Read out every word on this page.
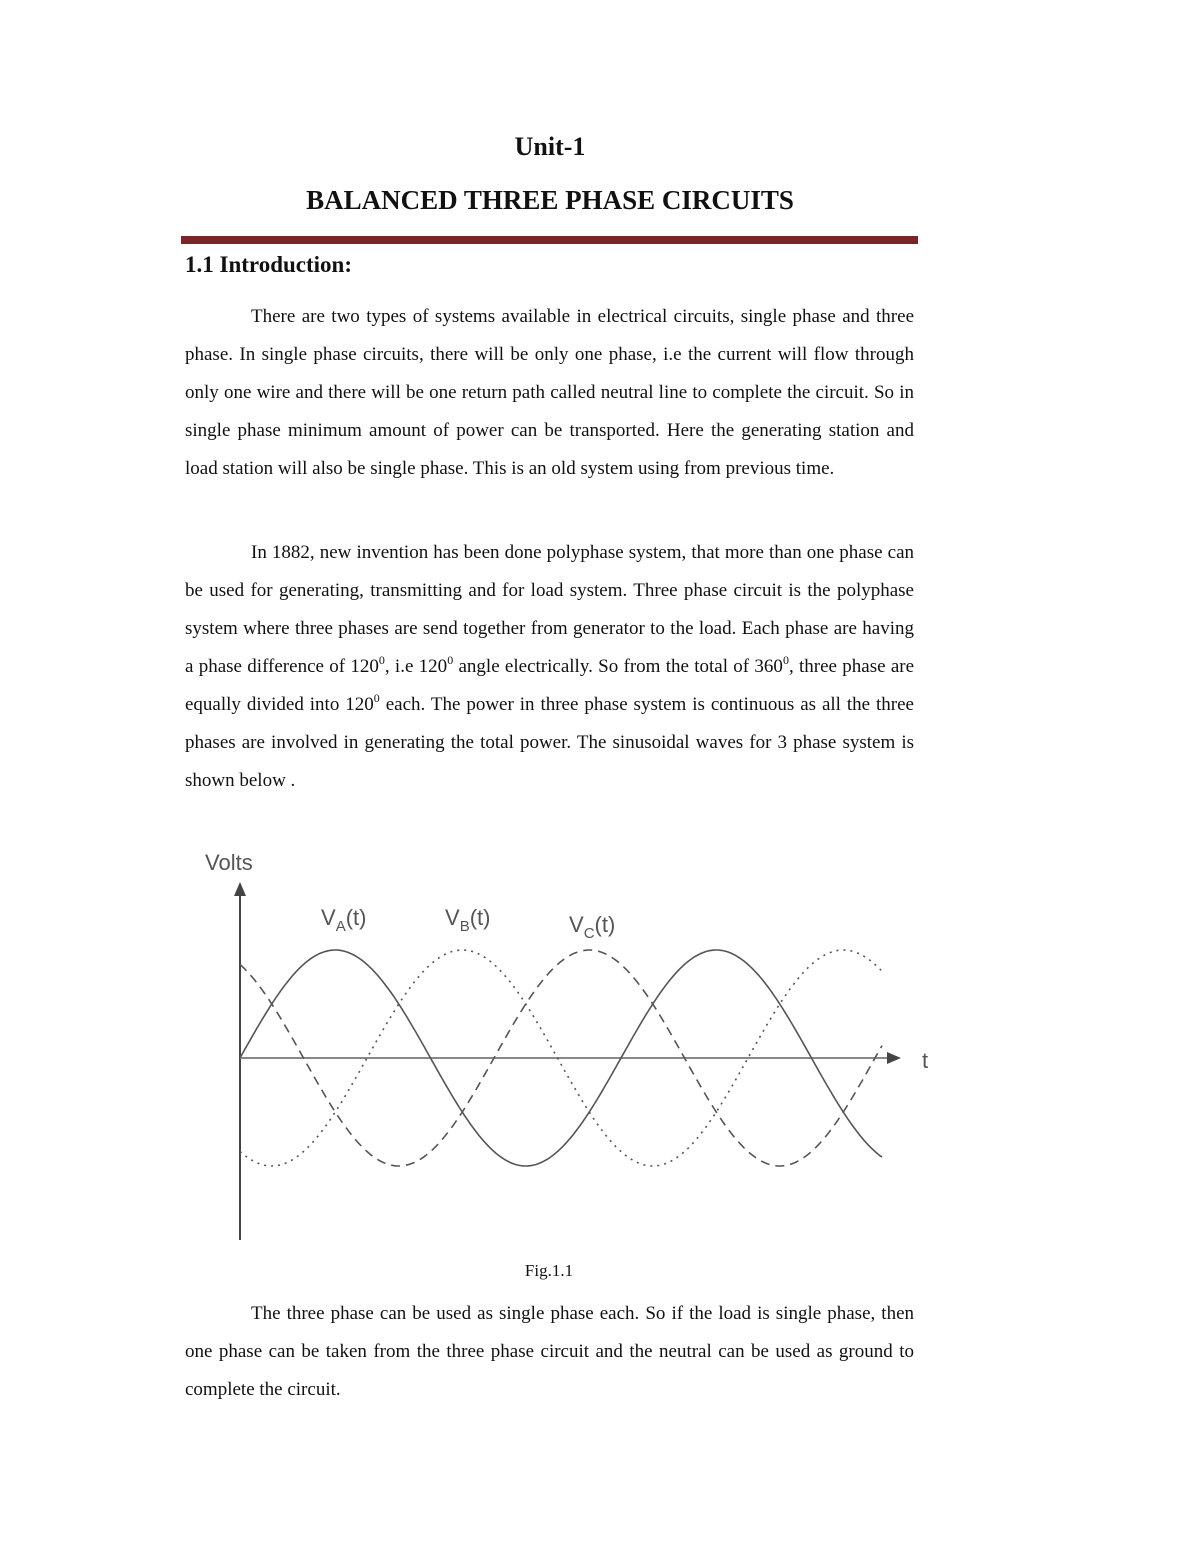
Unit-1
BALANCED THREE PHASE CIRCUITS
1.1 Introduction:

There are two types of systems available in electrical circuits, single phase and three phase. In single phase circuits, there will be only one phase, i.e the current will flow through only one wire and there will be one return path called neutral line to complete the circuit. So in single phase minimum amount of power can be transported. Here the generating station and load station will also be single phase. This is an old system using from previous time.

In 1882, new invention has been done polyphase system, that more than one phase can be used for generating, transmitting and for load system. Three phase circuit is the polyphase system where three phases are send together from generator to the load. Each phase are having a phase difference of $120^0$, i.e $120^0$ angle electrically. So from the total of $360^0$, three phase are equally divided into $120^0$ each. The power in three phase system is continuous as all the three phases are involved in generating the total power. The sinusoidal waves for 3 phase system is shown below .

Volts
t
$V_A(t)$	$V_B(t)$	$V_C(t)$

Fig.1.1

The three phase can be used as single phase each. So if the load is single phase, then one phase can be taken from the three phase circuit and the neutral can be used as ground to complete the circuit.
